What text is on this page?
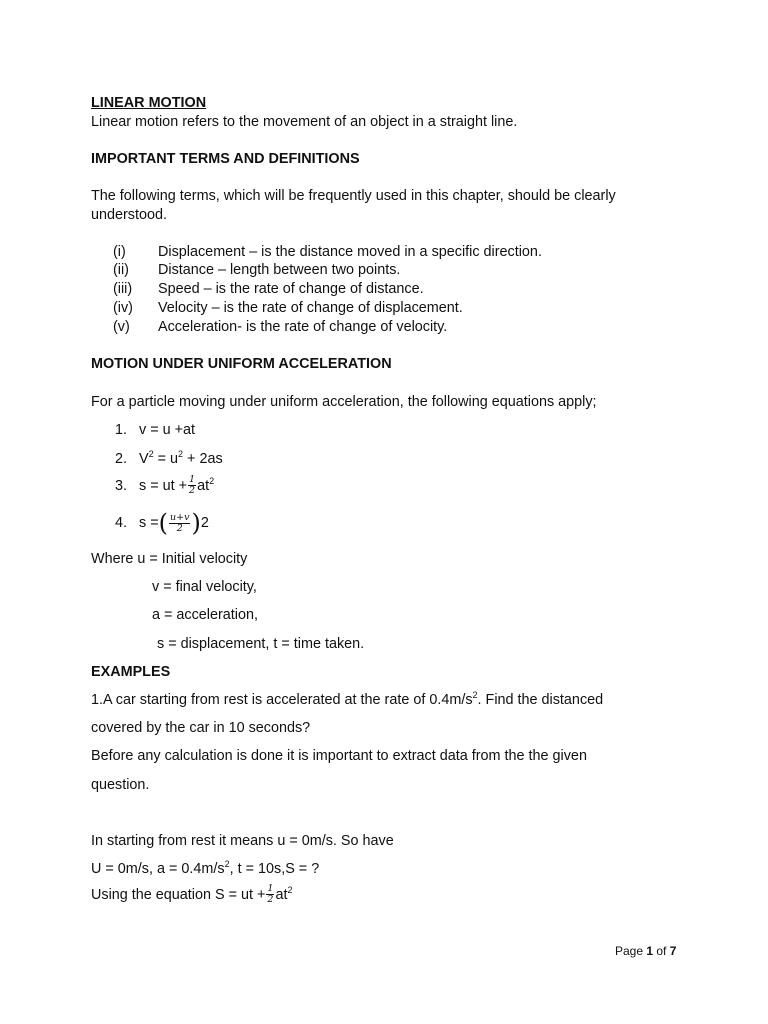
LINEAR MOTION
Linear motion refers to the movement of an object in a straight line.
IMPORTANT TERMS AND DEFINITIONS
The following terms, which will be frequently used in this chapter, should be clearly
understood.
(i) Displacement – is the distance moved in a specific direction.
(ii) Distance – length between two points.
(iii) Speed – is the rate of change of distance.
(iv) Velocity – is the rate of change of displacement.
(v) Acceleration- is the rate of change of velocity.
MOTION UNDER UNIFORM ACCELERATION
For a particle moving under uniform acceleration, the following equations apply;
1. v = u +at
2. $V^2 = u^2 + 2as$
3. s = ut + $\frac{1}{2} at^2$
4. s =( $\frac{u+v}{2} )2$
Where u = Initial velocity
v = final velocity,
a = acceleration,
s = displacement, t = time taken.
EXAMPLES
1.A car starting from rest is accelerated at the rate of $0.4m/s^2$. Find the distanced
covered by the car in 10 seconds?
Before any calculation is done it is important to extract data from the the given
question.
In starting from rest it means u = 0m/s. So have
U = 0m/s, $a = 0.4m/s^2$, t = 10s,S = ?
Using the equation S = ut + $\frac{1}{2} at^2$
Page 1 of 7
